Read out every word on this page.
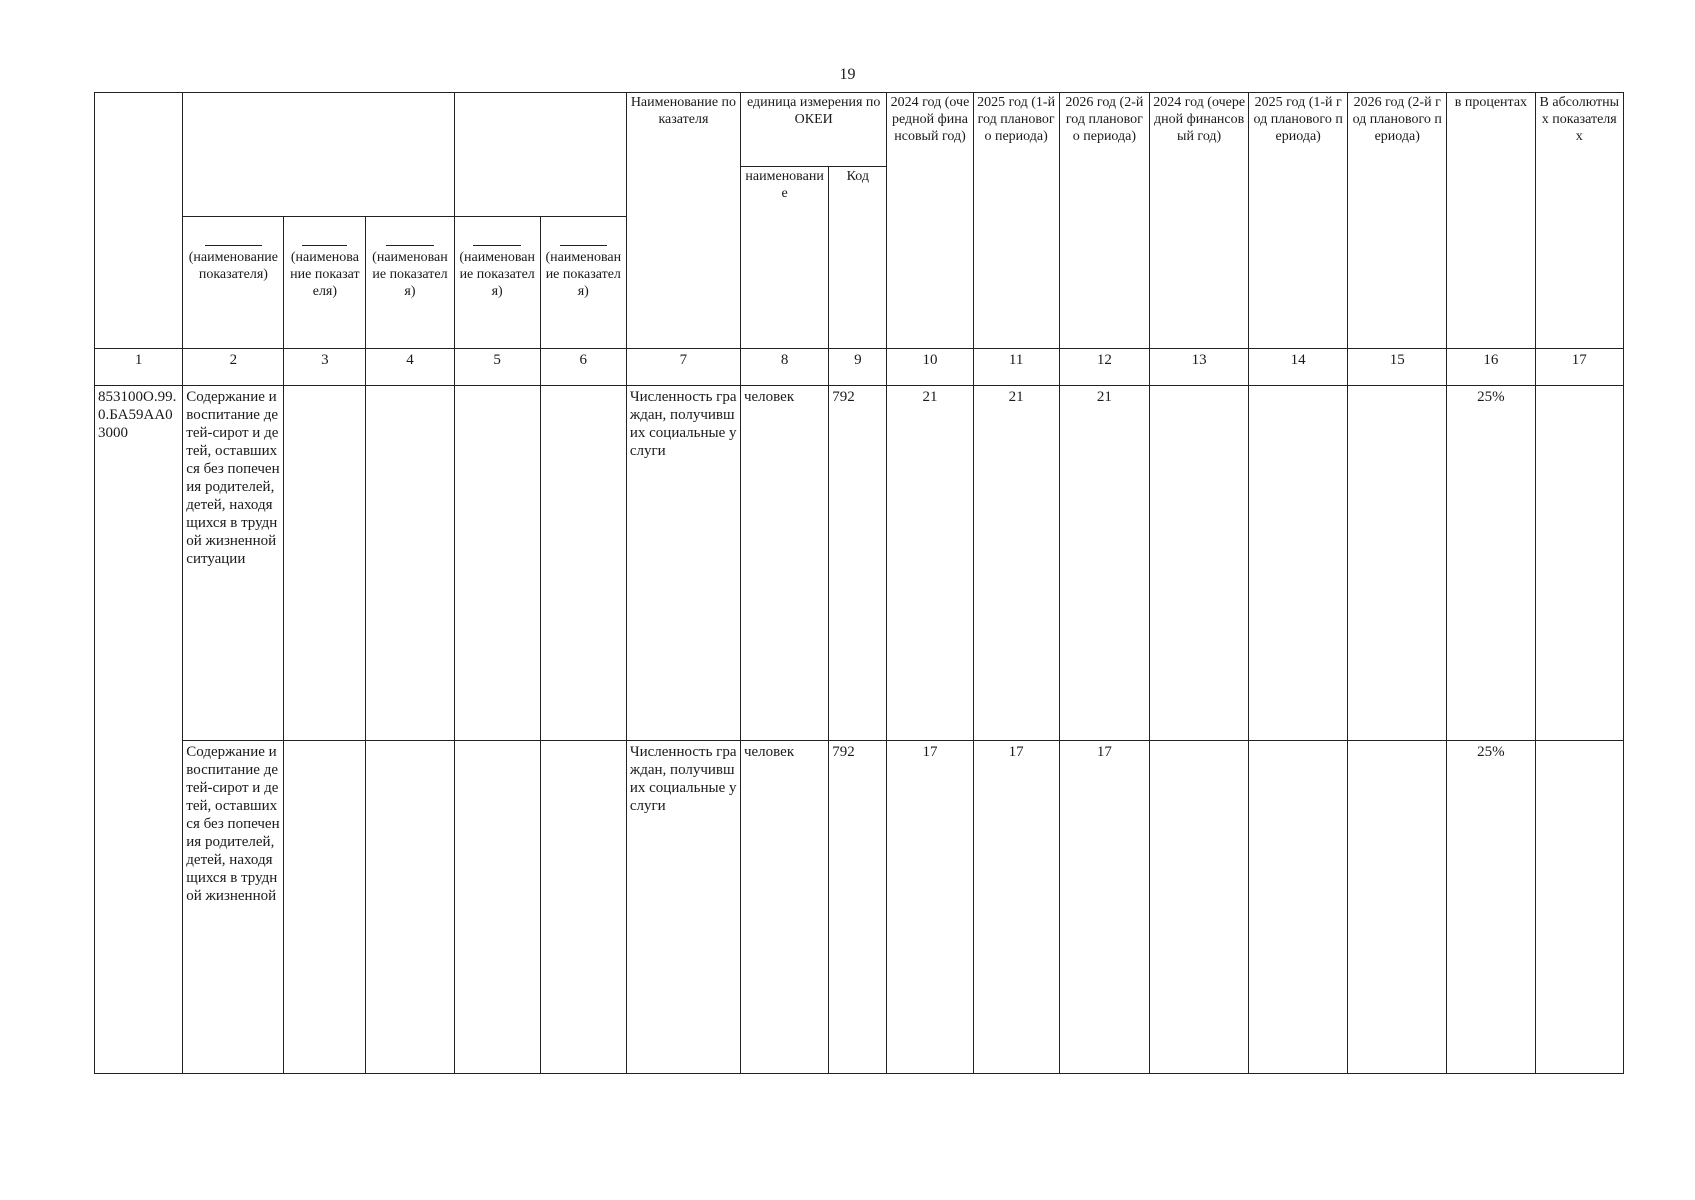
19
						Наименование показателя	единица измерения по ОКЕИ		2024 год (очередной финансовый год)	2025 год (1-й год планового периода)	2026 год (2-й год планового периода)	2024 год (очередной финансовый год)	2025 год (1-й год планового периода)	2026 год (2-й год планового периода)	в процентах	В абсолютных показателях
							наименование	Код								

(наименование показателя)	(наименование показателя)	(наименование показателя)	(наименование показателя)	(наименование показателя)											
1	2	3	4	5	6	7	8	9	10	11	12	13	14	15	16	17
853100О.99.0.БА59АА03000	Содержание и воспитание детей-сирот и детей, оставшихся без попечения родителей, детей, находящихся в трудной жизненной ситуации					Численность граждан, получивших социальные услуги	человек	792	21	21	21				25%	
	Содержание и воспитание детей-сирот и детей, оставшихся без попечения родителей, детей, находящихся в трудной жизненной					Численность граждан, получивших социальные услуги	человек	792	17	17	17				25%	
